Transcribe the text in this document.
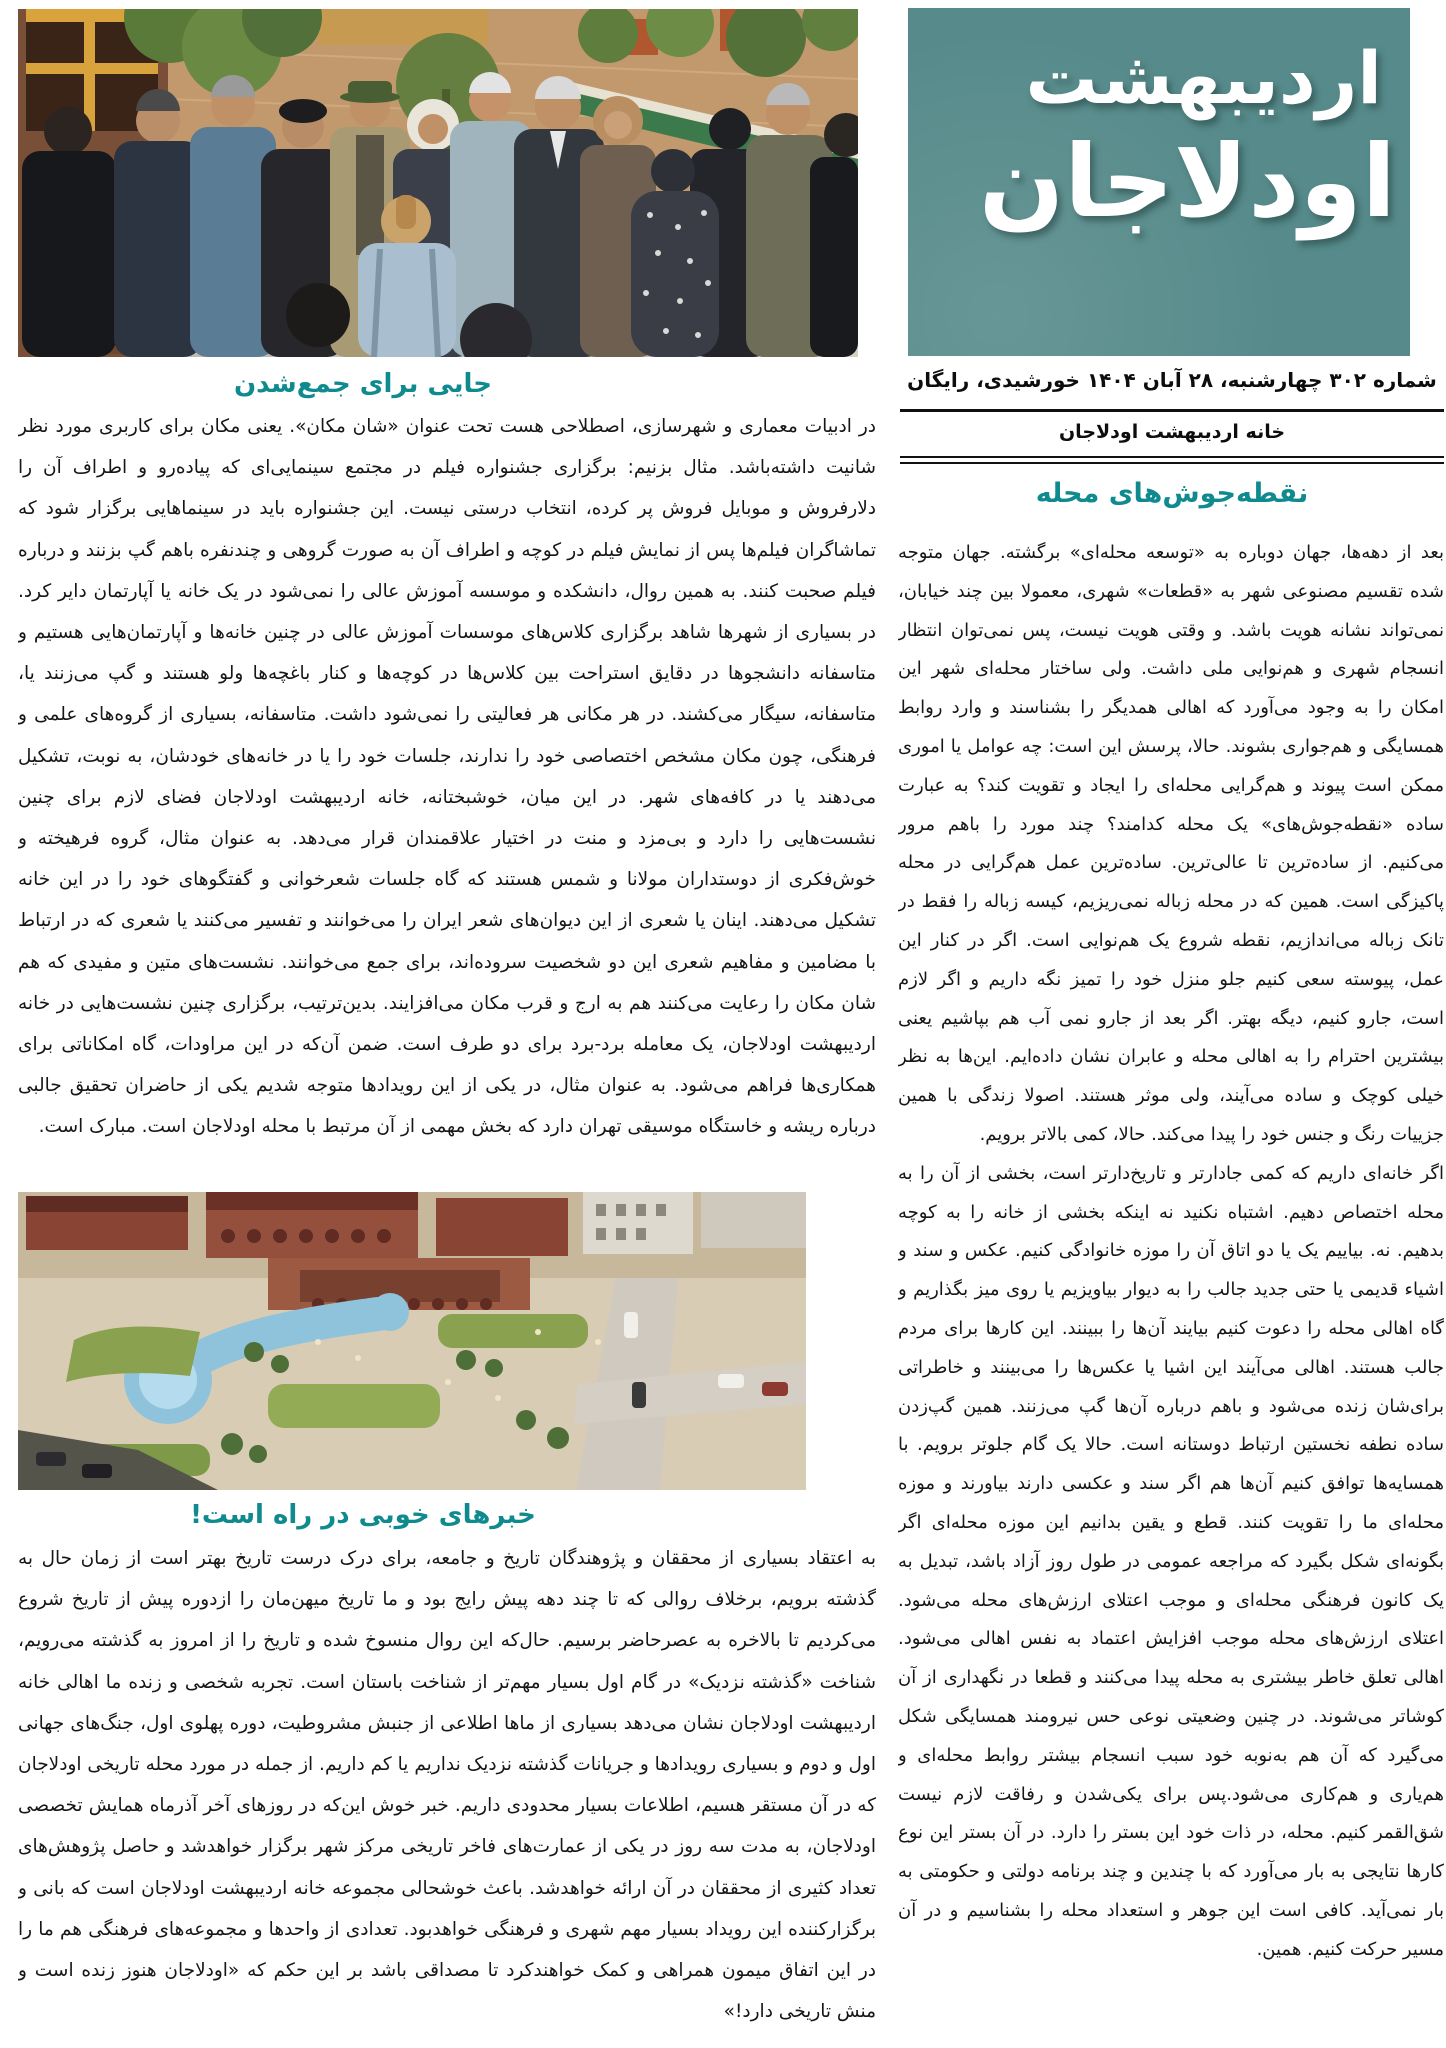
جایی برای جمع‌شدن

در ادبیات معماری و شهرسازی، اصطلاحی هست تحت عنوان «شان مکان». یعنی مکان برای کاربری مورد نظر شانیت داشته‌باشد. مثال بزنیم: برگزاری جشنواره فیلم در مجتمع سینمایی‌ای که پیاده‌رو و اطراف آن را دلارفروش و موبایل فروش پر کرده، انتخاب درستی نیست. این جشنواره باید در سینماهایی برگزار شود که تماشاگران فیلم‌ها پس از نمایش فیلم در کوچه و اطراف آن به صورت گروهی و چندنفره باهم گپ بزنند و درباره فیلم صحبت کنند. به همین روال، دانشکده و موسسه آموزش عالی را نمی‌شود در یک خانه یا آپارتمان دایر کرد. در بسیاری از شهرها شاهد برگزاری کلاس‌های موسسات آموزش عالی در چنین خانه‌ها و آپارتمان‌هایی هستیم و متاسفانه دانشجوها در دقایق استراحت بین کلاس‌ها در کوچه‌ها و کنار باغچه‌ها ولو هستند و گپ می‌زنند یا، متاسفانه، سیگار می‌کشند. در هر مکانی هر فعالیتی را نمی‌شود داشت. متاسفانه، بسیاری از گروه‌های علمی و فرهنگی، چون مکان مشخص اختصاصی خود را ندارند، جلسات خود را یا در خانه‌های خودشان، به نوبت، تشکیل می‌دهند یا در کافه‌های شهر. در این میان، خوشبختانه، خانه اردیبهشت اودلاجان فضای لازم برای چنین نشست‌هایی را دارد و بی‌مزد و منت در اختیار علاقمندان قرار می‌دهد. به عنوان مثال، گروه فرهیخته و خوش‌فکری از دوستداران مولانا و شمس هستند که گاه جلسات شعرخوانی و گفتگوهای خود را در این خانه تشکیل می‌دهند. اینان یا شعری از این دیوان‌های شعر ایران را می‌خوانند و تفسیر می‌کنند یا شعری که در ارتباط با مضامین و مفاهیم شعری این دو شخصیت سروده‌اند، برای جمع می‌خوانند. نشست‌های متین و مفیدی که هم شان مکان را رعایت می‌کنند هم به ارج و قرب مکان می‌افزایند. بدین‌ترتیب، برگزاری چنین نشست‌هایی در خانه اردیبهشت اودلاجان، یک معامله برد-برد برای دو طرف است. ضمن آن‌که در این مراودات، گاه امکاناتی برای همکاری‌ها فراهم می‌شود. به عنوان مثال، در یکی از این رویدادها متوجه شدیم یکی از حاضران تحقیق جالبی درباره ریشه و خاستگاه موسیقی تهران دارد که بخش مهمی از آن مرتبط با محله اودلاجان است. مبارک است.

خبرهای خوبی در راه است!

به اعتقاد بسیاری از محققان و پژوهندگان تاریخ و جامعه، برای درک درست تاریخ بهتر است از زمان حال به گذشته برویم، برخلاف روالی که تا چند دهه پیش رایج بود و ما تاریخ میهن‌مان را ازدوره پیش از تاریخ شروع می‌کردیم تا بالاخره به عصرحاضر برسیم. حال‌که این روال منسوخ شده و تاریخ را از امروز به گذشته می‌رویم، شناخت «گذشته نزدیک» در گام اول بسیار مهم‌تر از شناخت باستان است. تجربه شخصی و زنده ما اهالی خانه اردیبهشت اودلاجان نشان می‌دهد بسیاری از ماها اطلاعی از جنبش مشروطیت، دوره پهلوی اول، جنگ‌های جهانی اول و دوم و بسیاری رویدادها و جریانات گذشته نزدیک نداریم یا کم داریم. از جمله در مورد محله تاریخی اودلاجان که در آن مستقر هسیم، اطلاعات بسیار محدودی داریم. خبر خوش این‌که در روزهای آخر آذرماه همایش تخصصی اودلاجان، به مدت سه روز در یکی از عمارت‌های فاخر تاریخی مرکز شهر برگزار خواهدشد و حاصل پژوهش‌های تعداد کثیری از محققان در آن ارائه خواهدشد. باعث خوشحالی مجموعه خانه اردیبهشت اودلاجان است که بانی و برگزارکننده این رویداد بسیار مهم شهری و فرهنگی خواهدبود. تعدادی از واحدها و مجموعه‌های فرهنگی هم ما را در این اتفاق میمون همراهی و کمک خواهندکرد تا مصداقی باشد بر این حکم که «اودلاجان هنوز زنده است و منش تاریخی دارد!»

اردیبهشت
اودلاجان
شماره ۳۰۲ چهارشنبه، ۲۸ آبان ۱۴۰۴ خورشیدی، رایگان
خانه اردیبهشت اودلاجان
نقطه‌جوش‌های محله

بعد از دهه‌ها، جهان دوباره به «توسعه محله‌ای» برگشته. جهان متوجه شده تقسیم مصنوعی شهر به «قطعات» شهری، معمولا بین چند خیابان، نمی‌تواند نشانه هویت باشد. و وقتی هویت نیست، پس نمی‌توان انتظار انسجام شهری و هم‌نوایی ملی داشت. ولی ساختار محله‌ای شهر این امکان را به وجود می‌آورد که اهالی همدیگر را بشناسند و وارد روابط همسایگی و هم‌جواری بشوند. حالا، پرسش این است: چه عوامل یا اموری ممکن است پیوند و هم‌گرایی محله‌ای را ایجاد و تقویت کند؟ به عبارت ساده «نقطه‌جوش‌های» یک محله کدامند؟ چند مورد را باهم مرور می‌کنیم. از ساده‌ترین تا عالی‌ترین. ساده‌ترین عمل هم‌گرایی در محله پاکیزگی است. همین که در محله زباله نمی‌ریزیم، کیسه زباله را فقط در تانک زباله می‌اندازیم، نقطه شروع یک هم‌نوایی است. اگر در کنار این عمل، پیوسته سعی کنیم جلو منزل خود را تمیز نگه داریم و اگر لازم است، جارو کنیم، دیگه بهتر. اگر بعد از جارو نمی آب هم بپاشیم یعنی بیشترین احترام را به اهالی محله و عابران نشان داده‌ایم. این‌ها به نظر خیلی کوچک و ساده می‌آیند، ولی موثر هستند. اصولا زندگی با همین جزییات رنگ و جنس خود را پیدا می‌کند. حالا، کمی بالاتر برویم.

اگر خانه‌ای داریم که کمی جادارتر و تاریخ‌دارتر است، بخشی از آن را به محله اختصاص دهیم. اشتباه نکنید نه اینکه بخشی از خانه را به کوچه بدهیم. نه. بیاییم یک یا دو اتاق آن را موزه خانوادگی کنیم. عکس و سند و اشیاء قدیمی یا حتی جدید جالب را به دیوار بیاویزیم یا روی میز بگذاریم و گاه اهالی محله را دعوت کنیم بیایند آن‌ها را ببینند. این کارها برای مردم جالب هستند. اهالی می‌آیند این اشیا یا عکس‌ها را می‌بینند و خاطراتی برای‌شان زنده می‌شود و باهم درباره آن‌ها گپ می‌زنند. همین گپ‌زدن ساده نطفه نخستین ارتباط دوستانه است. حالا یک گام جلوتر برویم. با همسایه‌ها توافق کنیم آن‌ها هم اگر سند و عکسی دارند بیاورند و موزه محله‌ای ما را تقویت کنند. قطع و یقین بدانیم این موزه محله‌ای اگر بگونه‌ای شکل بگیرد که مراجعه عمومی در طول روز آزاد باشد، تبدیل به یک کانون فرهنگی محله‌ای و موجب اعتلای ارزش‌های محله می‌شود. اعتلای ارزش‌های محله موجب افزایش اعتماد به نفس اهالی می‌شود. اهالی تعلق خاطر بیشتری به محله پیدا می‌کنند و قطعا در نگهداری از آن کوشاتر می‌شوند. در چنین وضعیتی نوعی حس نیرومند همسایگی شکل می‌گیرد که آن هم به‌نوبه خود سبب انسجام بیشتر روابط محله‌ای و هم‌یاری و هم‌کاری می‌شود.پس برای یکی‌شدن و رفاقت لازم نیست شق‌القمر کنیم. محله، در ذات خود این بستر را دارد. در آن بستر این نوع کارها نتایجی به بار می‌آورد که با چندین و چند برنامه دولتی و حکومتی به بار نمی‌آید. کافی است این جوهر و استعداد محله را بشناسیم و در آن مسیر حرکت کنیم. همین.
